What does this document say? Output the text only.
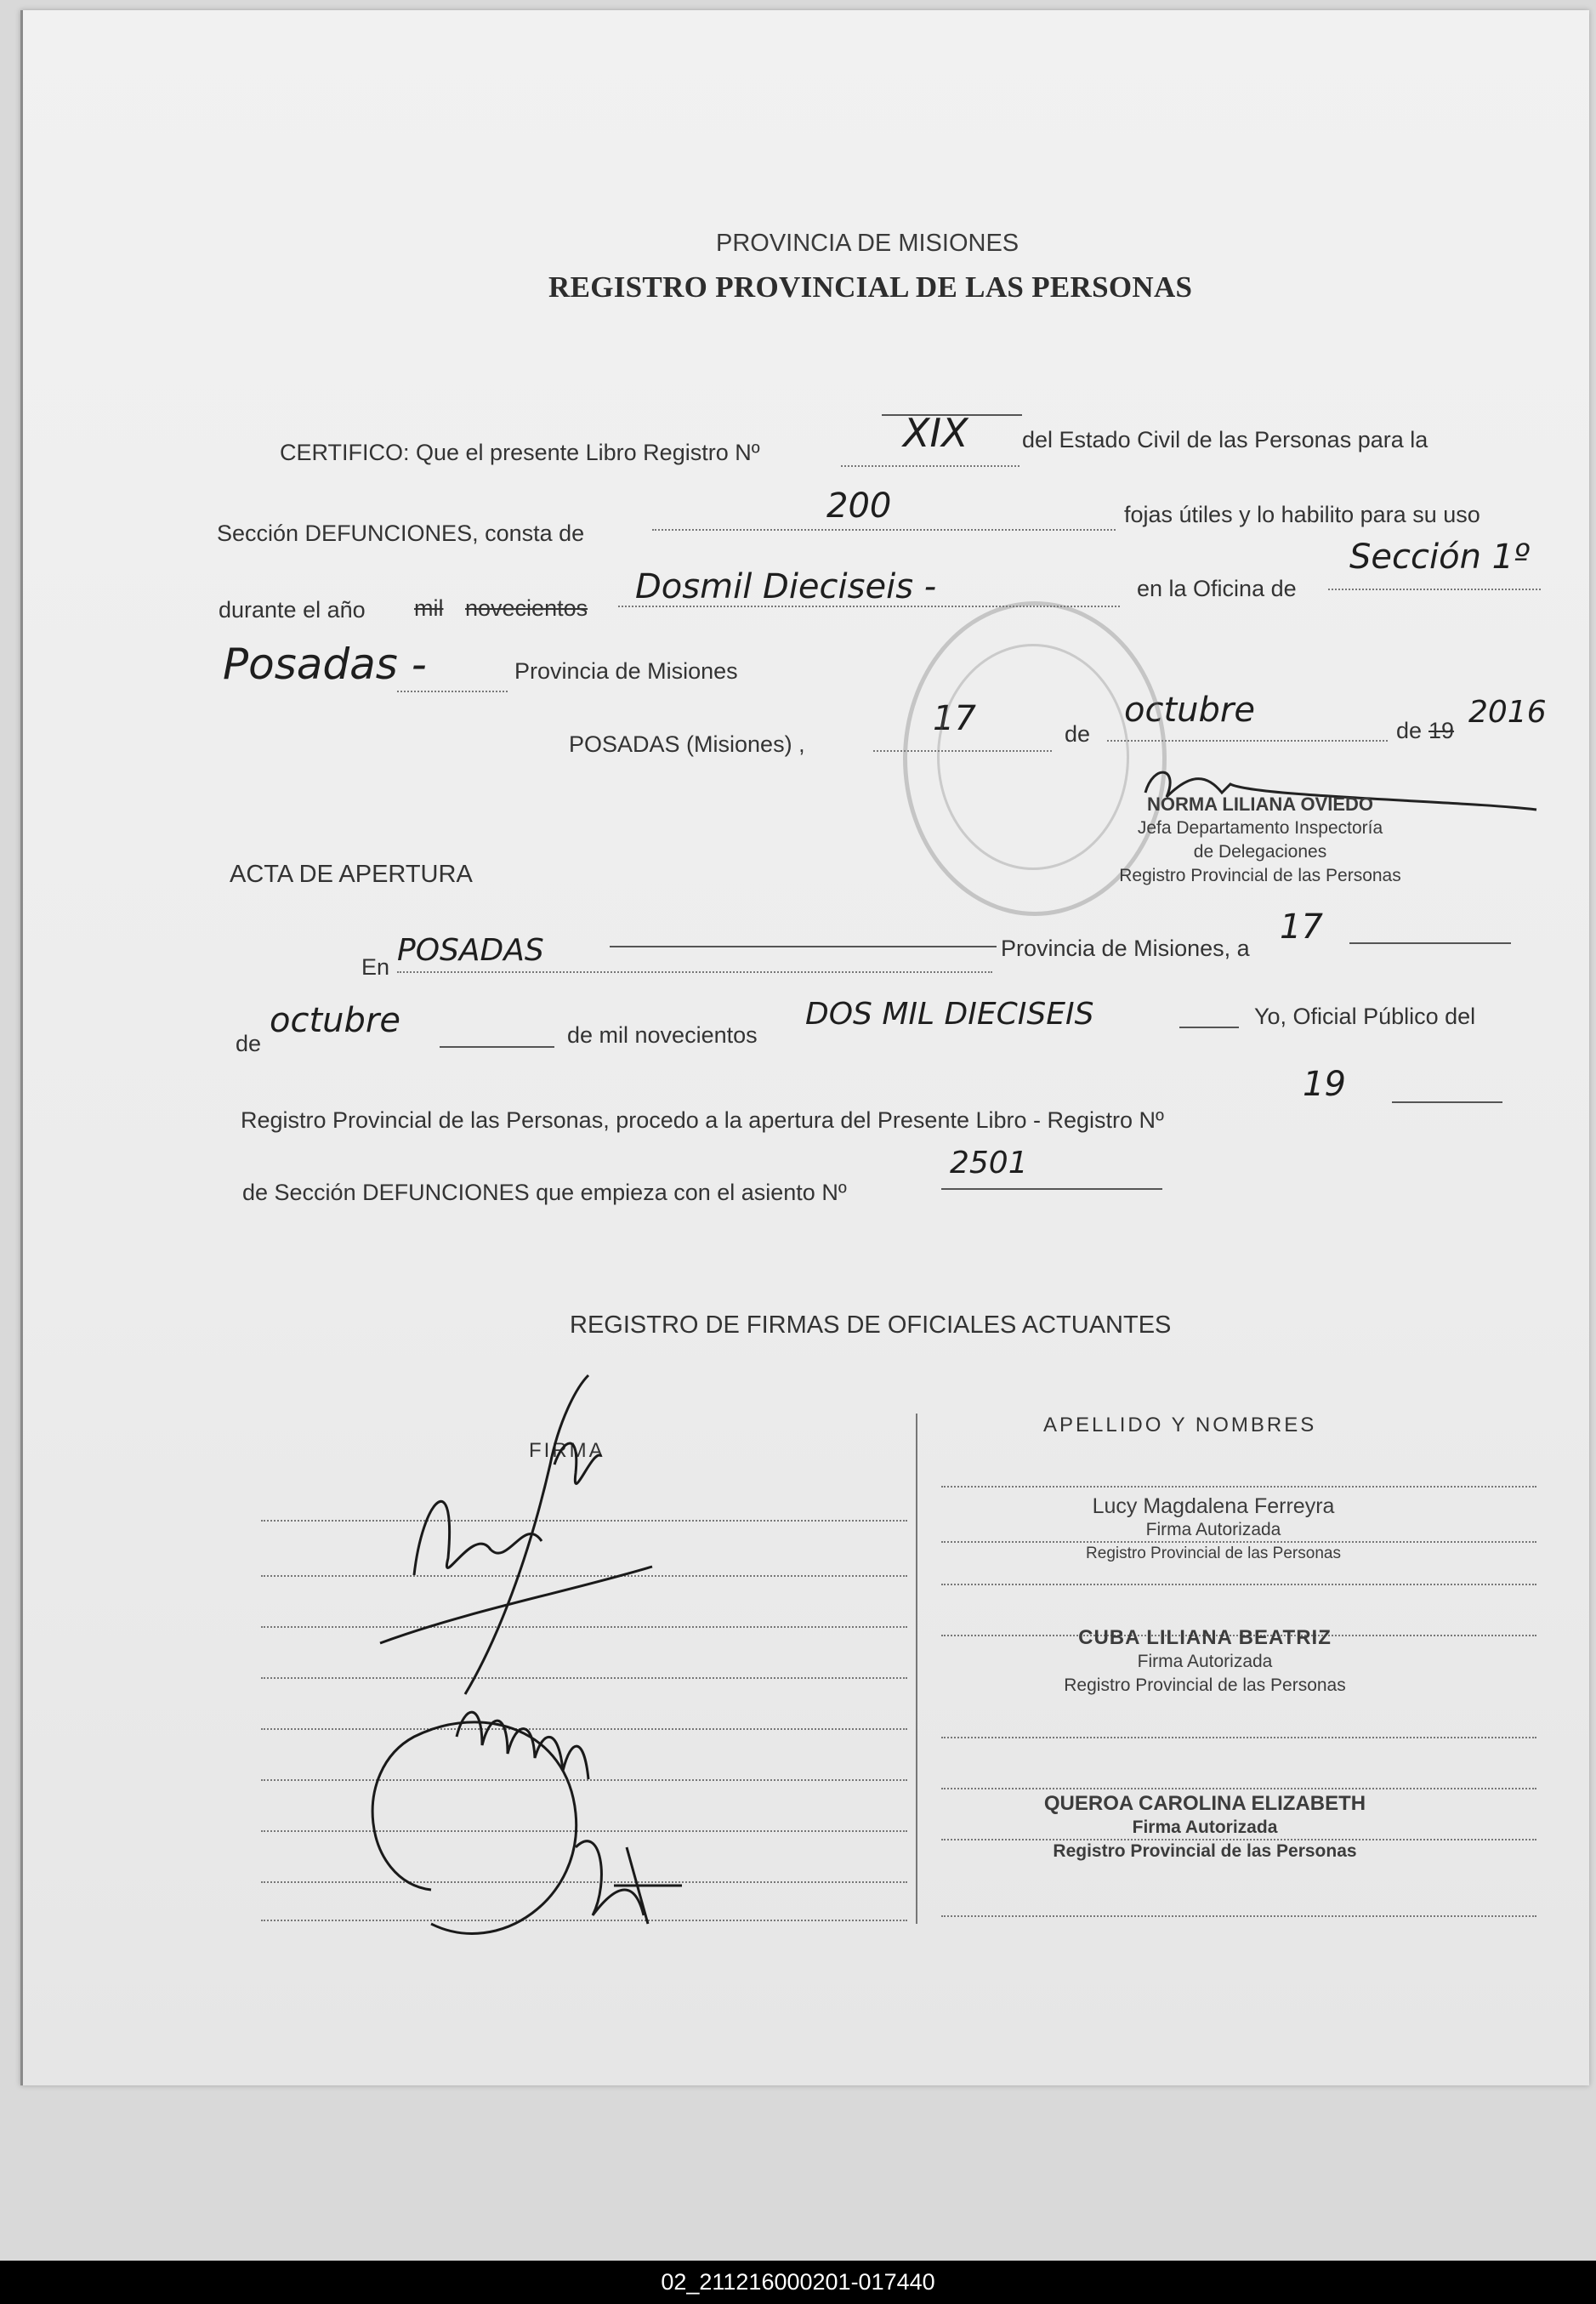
PROVINCIA DE MISIONES
REGISTRO PROVINCIAL DE LAS PERSONAS
CERTIFICO: Que el presente Libro Registro Nº	XIX del Estado Civil de las Personas para la
Sección DEFUNCIONES, consta de
200	fojas útiles y lo habilito para su uso
durante el año mil novecientos
Dosmil Dieciseis -	en la Oficina de
Sección 1º
Posadas -	Provincia de Misiones
POSADAS (Misiones) ,
17	de
octubre
de 19
2016
NORMA LILIANA OVIEDO
Jefa Departamento Inspectoría
de Delegaciones
Registro Provincial de las Personas
ACTA DE APERTURA
En POSADAS	Provincia de Misiones, a
17
de
octubre	de mil novecientos
DOS MIL DIECISEIS	Yo, Oficial Público del
Registro Provincial de las Personas, procedo a la apertura del Presente Libro - Registro Nº
19
de Sección DEFUNCIONES que empieza con el asiento Nº
2501
REGISTRO DE FIRMAS DE OFICIALES ACTUANTES
FIRMA
APELLIDO Y NOMBRES
Lucy Magdalena Ferreyra
Firma Autorizada
Registro Provincial de las Personas
CUBA LILIANA BEATRIZ
Firma Autorizada
Registro Provincial de las Personas
QUEROA CAROLINA ELIZABETH
Firma Autorizada
Registro Provincial de las Personas
02_211216000201-017440
